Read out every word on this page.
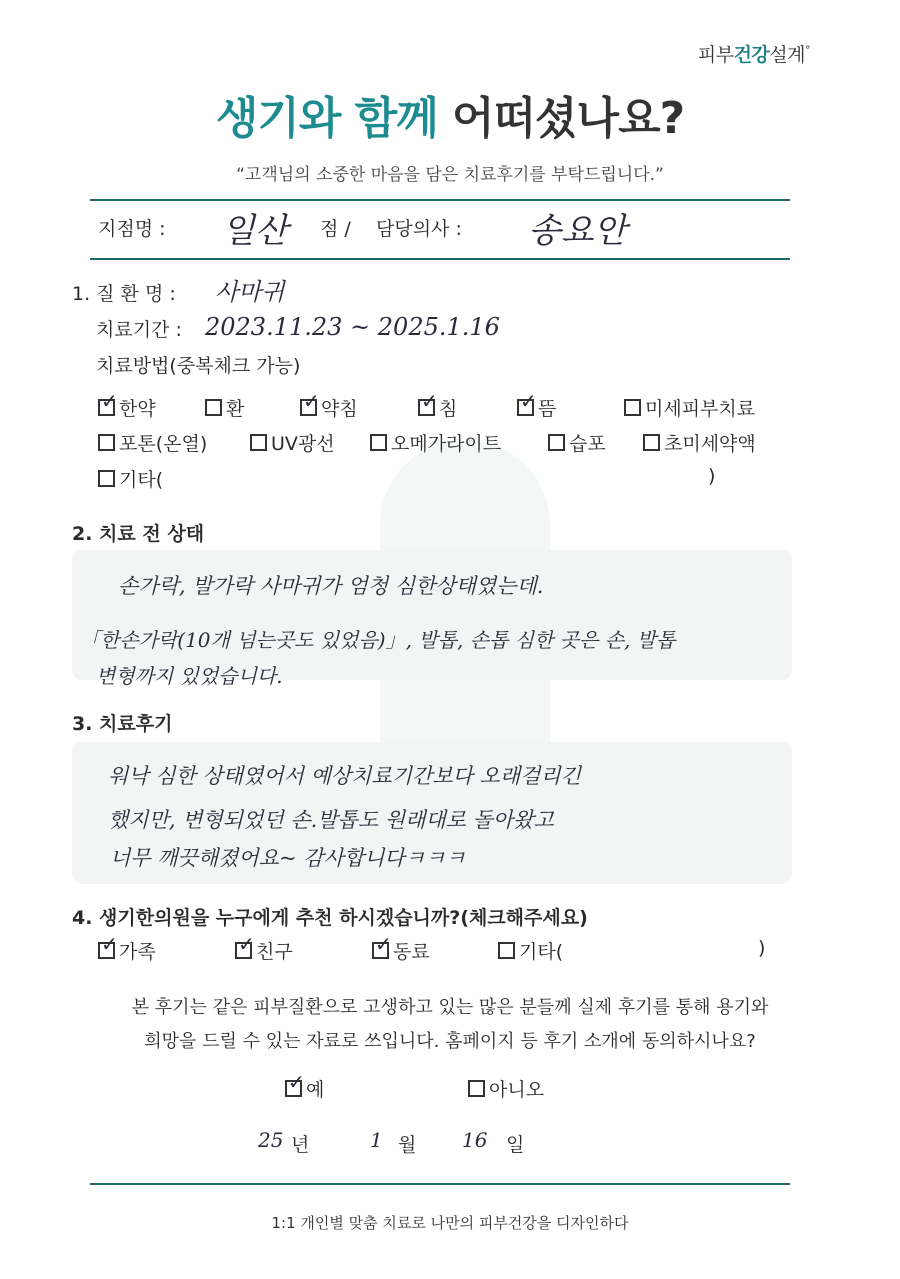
피부건강설계°
생기와 함께 어떠셨나요?
“고객님의 소중한 마음을 담은 치료후기를 부탁드립니다.”
지점명 : 일산 점 / 담당의사 : 송요안
1. 질 환 명 : 사마귀
치료기간 : 2023.11.23 ~ 2025.1.16
치료방법(중복체크 가능)
✓한약	환 ✓	약침 ✓	침 ✓	뜸	미세피부치료
포톤(온열)	UV광선	오메가라이트	습포	초미세약액
기타(	)
2. 치료 전 상태
손가락, 발가락 사마귀가 엄청 심한상태였는데.
「한손가락(10개 넘는곳도 있었음)」, 발톱, 손톱 심한 곳은 손, 발톱
변형까지 있었습니다.
3. 치료후기
워낙 심한 상태였어서 예상치료기간보다 오래걸리긴
했지만, 변형되었던 손.발톱도 원래대로 돌아왔고
너무 깨끗해졌어요~ 감사합니다ㅋㅋㅋ
4. 생기한의원을 누구에게 추천 하시겠습니까?(체크해주세요)
✓가족 ✓	친구 ✓	동료	기타(	)
본 후기는 같은 피부질환으로 고생하고 있는 많은 분들께 실제 후기를 통해 용기와
희망을 드릴 수 있는 자료로 쓰입니다. 홈페이지 등 후기 소개에 동의하시나요?
✓예	아니오
25 년	1 월 16 일
1:1 개인별 맞춤 치료로 나만의 피부건강을 디자인하다
